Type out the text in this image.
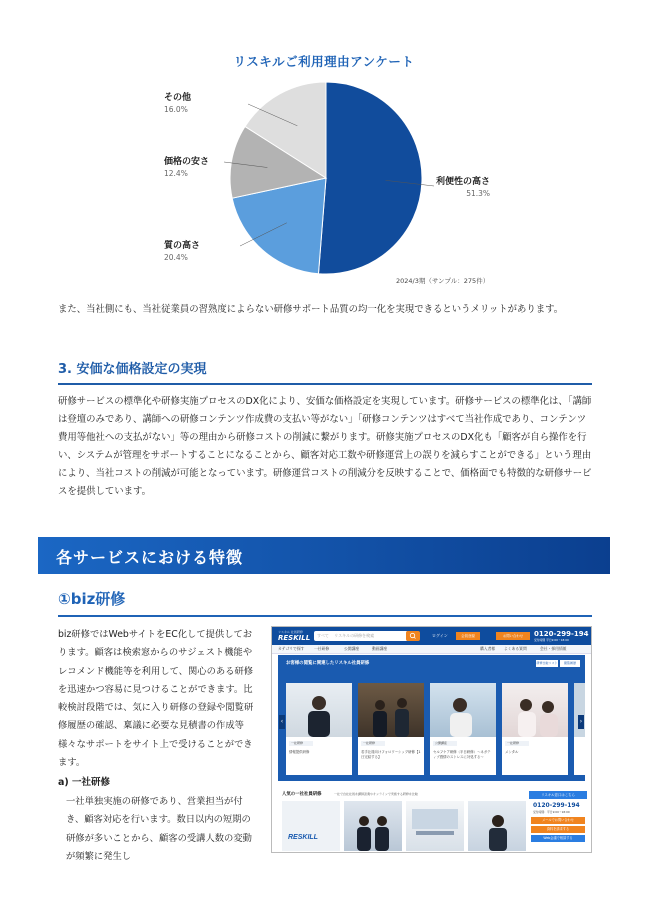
リスキルご利用理由アンケート
その他
16.0%
価格の安さ
12.4%
質の高さ
20.4%
利便性の高さ
51.3%
2024/3期（サンプル：275件）
また、当社側にも、当社従業員の習熟度によらない研修サポート品質の均一化を実現できるというメリットがあります。
3. 安価な価格設定の実現
研修サービスの標準化や研修実施プロセスのDX化により、安価な価格設定を実現しています。研修サービスの標準化は、「講師は登壇のみであり、講師への研修コンテンツ作成費の支払い等がない」「研修コンテンツはすべて当社作成であり、コンテンツ費用等他社への支払がない」等の理由から研修コストの削減に繋がります。研修実施プロセスのDX化も「顧客が自ら操作を行い、システムが管理をサポートすることになることから、顧客対応工数や研修運営上の誤りを減らすことができる」という理由により、当社コストの削減が可能となっています。研修運営コストの削減分を反映することで、価格面でも特徴的な研修サービスを提供しています。
各サービスにおける特徴
①biz研修
biz研修ではWebサイトをEC化して提供しております。顧客は検索窓からのサジェスト機能やレコメンド機能等を利用して、関心のある研修を迅速かつ容易に見つけることができます。比較検討段階では、気に入り研修の登録や閲覧研修履歴の確認、稟議に必要な見積書の作成等様々なサポートをサイト上で受けることができます。
a) 一社研修
一社単独実施の研修であり、営業担当が付き、顧客対応を行います。数日以内の短期の研修が多いことから、顧客の受講人数の変動が頻繁に発生し
リスキル 社員研修
RESKILL	すべて リスキルの研修を検索	ログイン	会員登録	お問い合わせ	0120-299-194
受付時間 平日9:00〜18:00
カテゴリで探す	一社研修	公開講座	動画講座	購入者様 よくある質問	会社・採用情報
お客様の閲覧に関連したリスキル社員研修	研修比較リスト	閲覧履歴
‹
一社研修
情報提供研修
一社研修
若手社員向けフォロワーシップ研修【1日完結する】
公開講座
セルフケア研修（半日研修）〜ネガティブ感情のストレスに対処する〜
一社研修
メンタル
›
人気の一社社員研修	一社で自社社員を講師派遣やオンラインで実施する研修を比較
RESKILL
リスキル窓口はこちら
0120-299-194
受付時間：平日9:00〜18:00
メールでお問い合わせ
資料を請求する
Web会議で相談する
